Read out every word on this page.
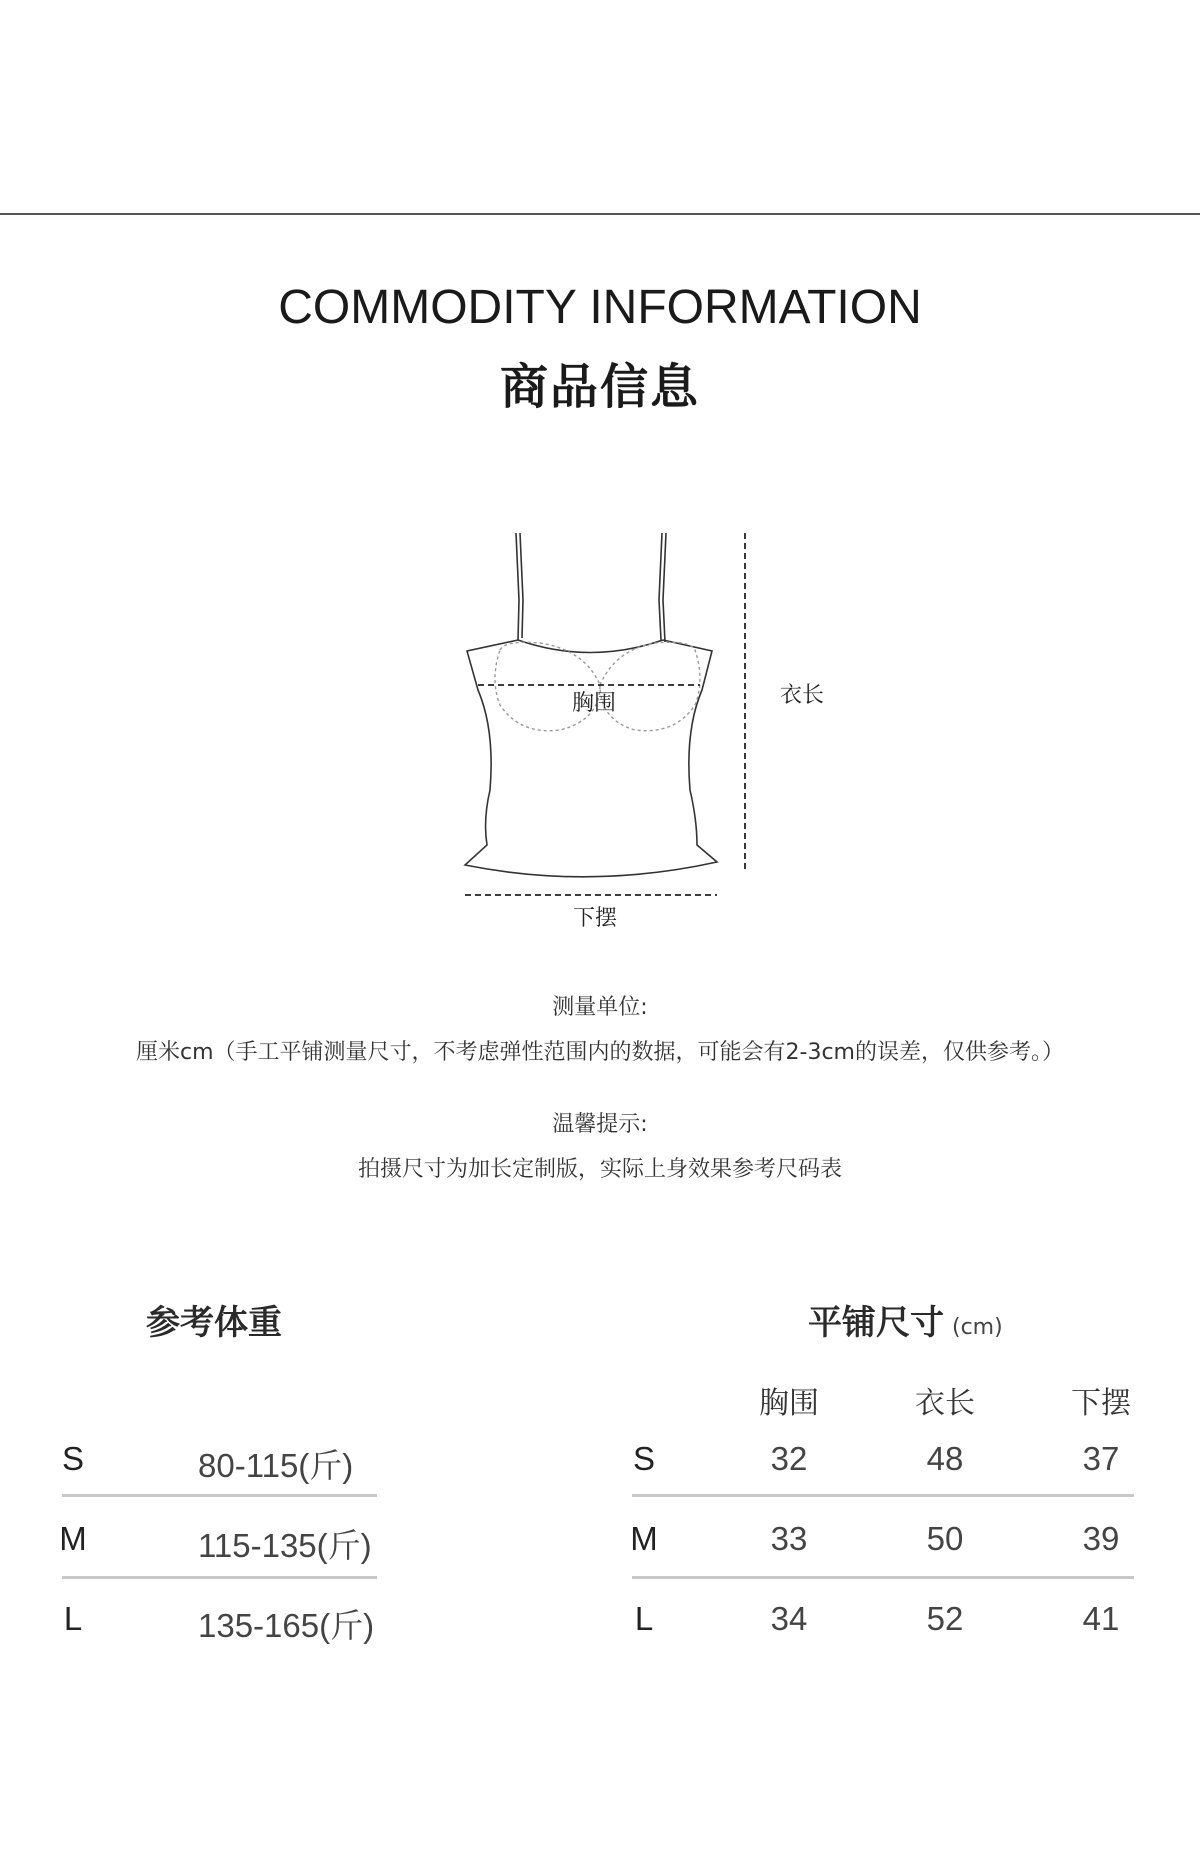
COMMODITY INFORMATION
商品信息
胸围	衣长
下摆
测量单位:
厘米cm（手工平铺测量尺寸，不考虑弹性范围内的数据，可能会有2-3cm的误差，仅供参考。）
温馨提示:
拍摄尺寸为加长定制版，实际上身效果参考尺码表
参考体重	平铺尺寸 (cm)
胸围	衣长	下摆
S	80-115(斤)
M	115-135(斤)
L	135-165(斤)
S	32	48	37
M	33	50	39
L	34	52	41
